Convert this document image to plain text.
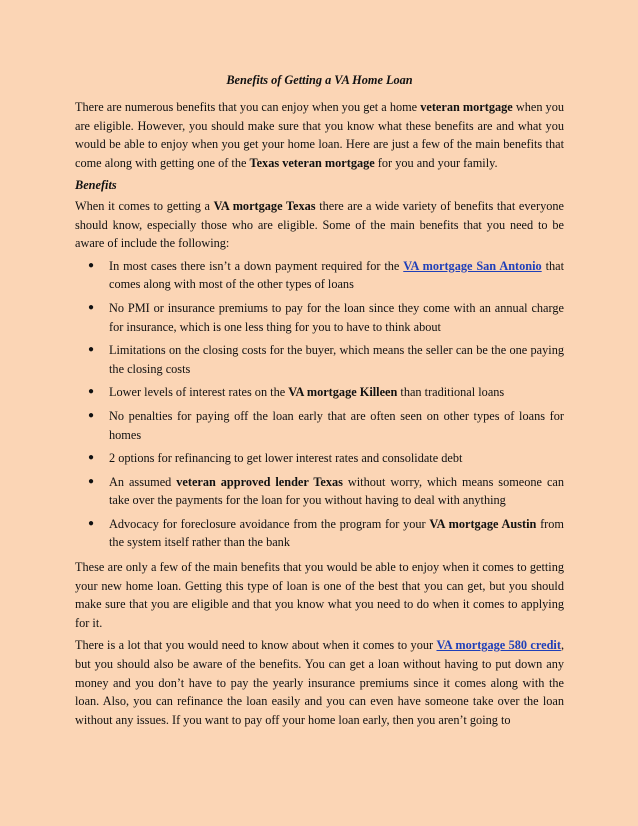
Benefits of Getting a VA Home Loan

There are numerous benefits that you can enjoy when you get a home veteran mortgage when you are eligible. However, you should make sure that you know what these benefits are and what you would be able to enjoy when you get your home loan. Here are just a few of the main benefits that come along with getting one of the Texas veteran mortgage for you and your family.

Benefits

When it comes to getting a VA mortgage Texas there are a wide variety of benefits that everyone should know, especially those who are eligible. Some of the main benefits that you need to be aware of include the following:

● In most cases there isn’t a down payment required for the VA mortgage San Antonio that comes along with most of the other types of loans
● No PMI or insurance premiums to pay for the loan since they come with an annual charge for insurance, which is one less thing for you to have to think about
● Limitations on the closing costs for the buyer, which means the seller can be the one paying the closing costs
● Lower levels of interest rates on the VA mortgage Killeen than traditional loans
● No penalties for paying off the loan early that are often seen on other types of loans for homes
● 2 options for refinancing to get lower interest rates and consolidate debt
● An assumed veteran approved lender Texas without worry, which means someone can take over the payments for the loan for you without having to deal with anything
● Advocacy for foreclosure avoidance from the program for your VA mortgage Austin from the system itself rather than the bank

These are only a few of the main benefits that you would be able to enjoy when it comes to getting your new home loan. Getting this type of loan is one of the best that you can get, but you should make sure that you are eligible and that you know what you need to do when it comes to applying for it.

There is a lot that you would need to know about when it comes to your VA mortgage 580 credit, but you should also be aware of the benefits. You can get a loan without having to put down any money and you don’t have to pay the yearly insurance premiums since it comes along with the loan. Also, you can refinance the loan easily and you can even have someone take over the loan without any issues. If you want to pay off your home loan early, then you aren’t going to
